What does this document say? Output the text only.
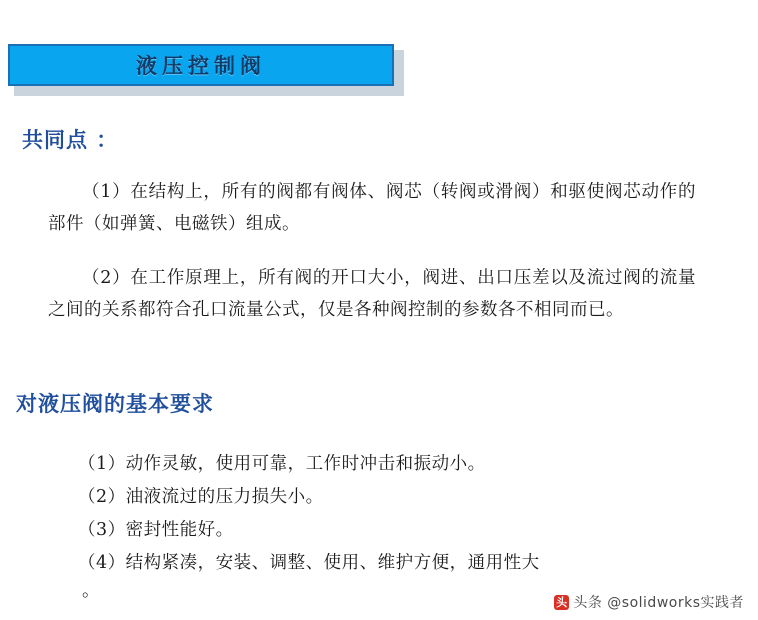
液压控制阀
共同点 ：
（1）在结构上，所有的阀都有阀体、阀芯（转阀或滑阀）和驱使阀芯动作的部件（如弹簧、电磁铁）组成。
（2）在工作原理上，所有阀的开口大小，阀进、出口压差以及流过阀的流量之间的关系都符合孔口流量公式，仅是各种阀控制的参数各不相同而已。
对液压阀的基本要求
（1）动作灵敏，使用可靠，工作时冲击和振动小。
（2）油液流过的压力损失小。
（3）密封性能好。
（4）结构紧凑，安装、调整、使用、维护方便，通用性大
。
头 头条 @solidworks实践者
